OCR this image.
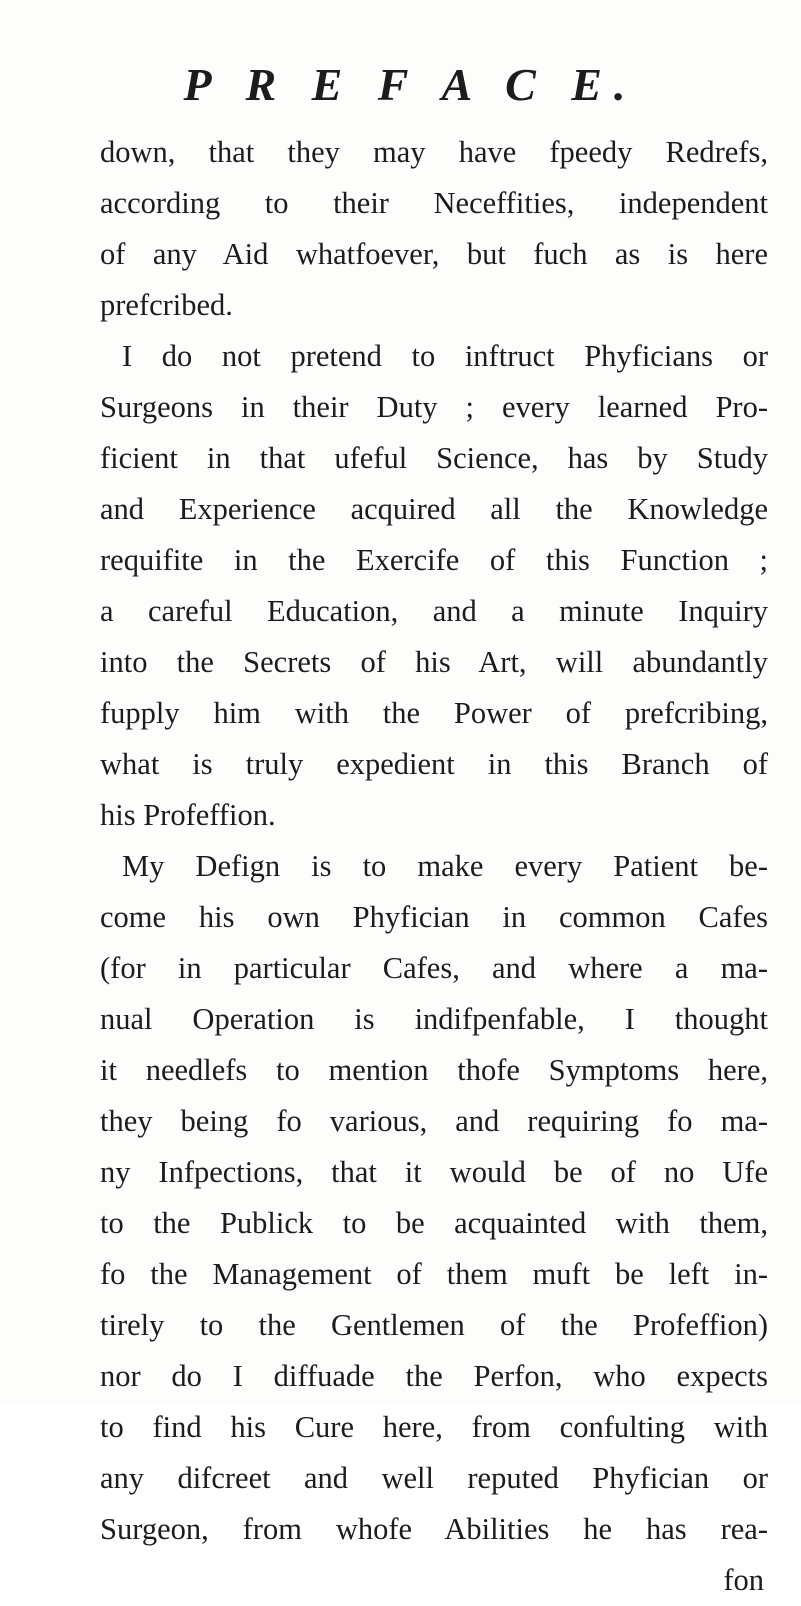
P R E F A C E.
down, that they may have fpeedy Redrefs,
according to their Neceffities, independent
of any Aid whatfoever, but fuch as is here
prefcribed.
I do not pretend to inftruct Phyficians or
Surgeons in their Duty ; every learned Pro-
ficient in that ufeful Science, has by Study
and Experience acquired all the Knowledge
requifite in the Exercife of this Function ;
a careful Education, and a minute Inquiry
into the Secrets of his Art, will abundantly
fupply him with the Power of prefcribing,
what is truly expedient in this Branch of
his Profeffion.
My Defign is to make every Patient be-
come his own Phyfician in common Cafes
(for in particular Cafes, and where a ma-
nual Operation is indifpenfable, I thought
it needlefs to mention thofe Symptoms here,
they being fo various, and requiring fo ma-
ny Infpections, that it would be of no Ufe
to the Publick to be acquainted with them,
fo the Management of them muft be left in-
tirely to the Gentlemen of the Profeffion)
nor do I diffuade the Perfon, who expects
to find his Cure here, from confulting with
any difcreet and well reputed Phyfician or
Surgeon, from whofe Abilities he has rea-
fon
